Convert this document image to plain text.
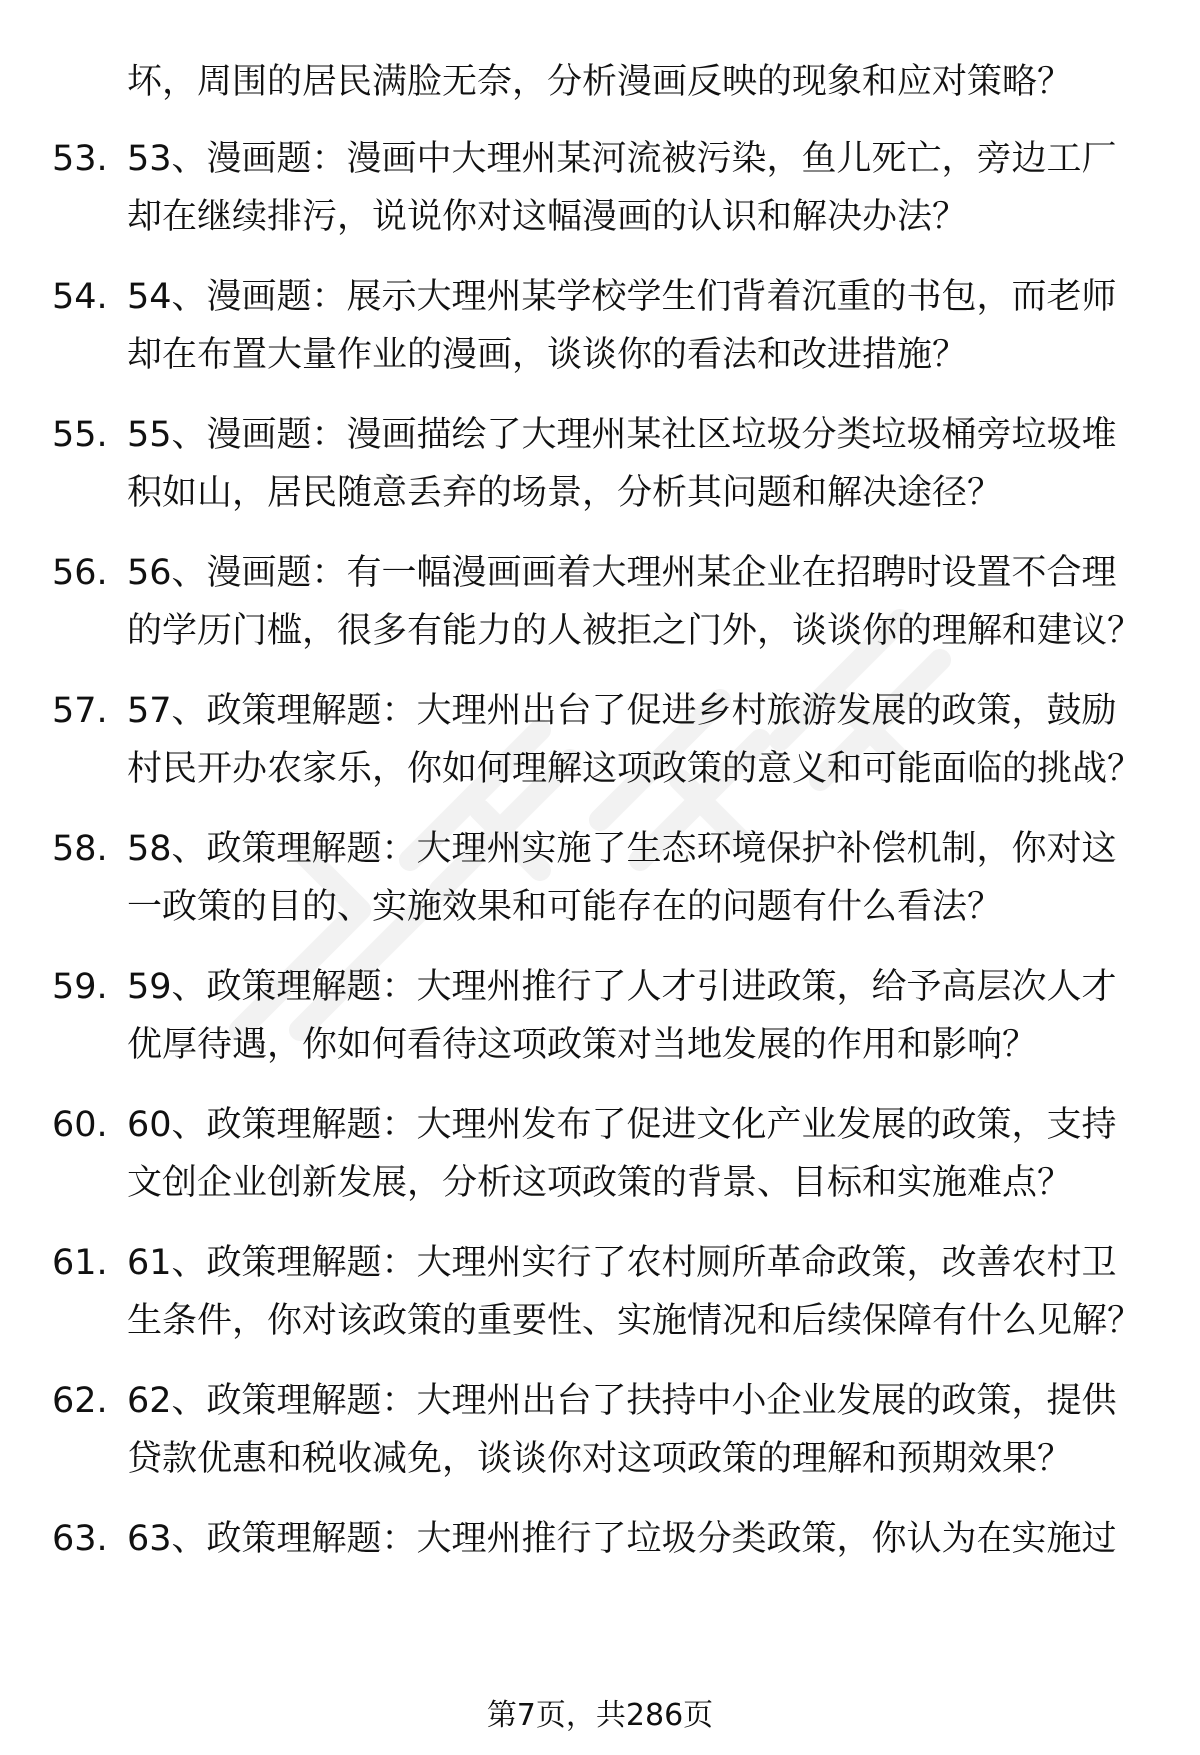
坏，周围的居民满脸无奈，分析漫画反映的现象和应对策略？
53. 53、漫画题：漫画中大理州某河流被污染，鱼儿死亡，旁边工厂却在继续排污，说说你对这幅漫画的认识和解决办法？
54. 54、漫画题：展示大理州某学校学生们背着沉重的书包，而老师却在布置大量作业的漫画，谈谈你的看法和改进措施？
55. 55、漫画题：漫画描绘了大理州某社区垃圾分类垃圾桶旁垃圾堆积如山，居民随意丢弃的场景，分析其问题和解决途径？
56. 56、漫画题：有一幅漫画画着大理州某企业在招聘时设置不合理的学历门槛，很多有能力的人被拒之门外，谈谈你的理解和建议？
57. 57、政策理解题：大理州出台了促进乡村旅游发展的政策，鼓励村民开办农家乐，你如何理解这项政策的意义和可能面临的挑战？
58. 58、政策理解题：大理州实施了生态环境保护补偿机制，你对这一政策的目的、实施效果和可能存在的问题有什么看法？
59. 59、政策理解题：大理州推行了人才引进政策，给予高层次人才优厚待遇，你如何看待这项政策对当地发展的作用和影响？
60. 60、政策理解题：大理州发布了促进文化产业发展的政策，支持文创企业创新发展，分析这项政策的背景、目标和实施难点？
61. 61、政策理解题：大理州实行了农村厕所革命政策，改善农村卫生条件，你对该政策的重要性、实施情况和后续保障有什么见解？
62. 62、政策理解题：大理州出台了扶持中小企业发展的政策，提供贷款优惠和税收减免，谈谈你对这项政策的理解和预期效果？
63. 63、政策理解题：大理州推行了垃圾分类政策，你认为在实施过
第7页，共286页
